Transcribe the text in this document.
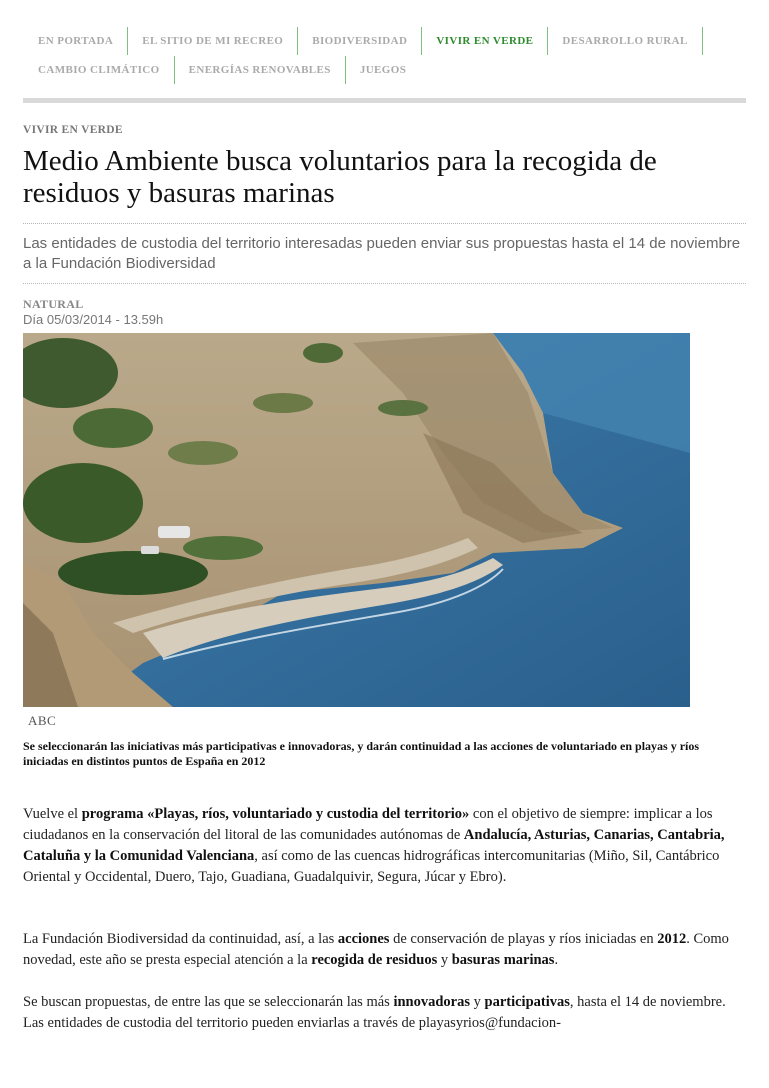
EN PORTADA	EL SITIO DE MI RECREO	BIODIVERSIDAD	VIVIR EN VERDE	DESARROLLO RURAL
CAMBIO CLIMÁTICO	ENERGÍAS RENOVABLES	JUEGOS
VIVIR EN VERDE
Medio Ambiente busca voluntarios para la recogida de residuos y basuras marinas

Las entidades de custodia del territorio interesadas pueden enviar sus propuestas hasta el 14 de noviembre a la Fundación Biodiversidad

NATURAL
Día 05/03/2014 - 13.59h
ABC

Se seleccionarán las iniciativas más participativas e innovadoras, y darán continuidad a las acciones de voluntariado en playas y ríos iniciadas en distintos puntos de España en 2012

Vuelve el programa «Playas, ríos, voluntariado y custodia del territorio» con el objetivo de siempre: implicar a los ciudadanos en la conservación del litoral de las comunidades autónomas de Andalucía, Asturias, Canarias, Cantabria, Cataluña y la Comunidad Valenciana, así como de las cuencas hidrográficas intercomunitarias (Miño, Sil, Cantábrico Oriental y Occidental, Duero, Tajo, Guadiana, Guadalquivir, Segura, Júcar y Ebro).

La Fundación Biodiversidad da continuidad, así, a las acciones de conservación de playas y ríos iniciadas en 2012. Como novedad, este año se presta especial atención a la recogida de residuos y basuras marinas.

Se buscan propuestas, de entre las que se seleccionarán las más innovadoras y participativas, hasta el 14 de noviembre. Las entidades de custodia del territorio pueden enviarlas a través de playasyrios@fundacion-
